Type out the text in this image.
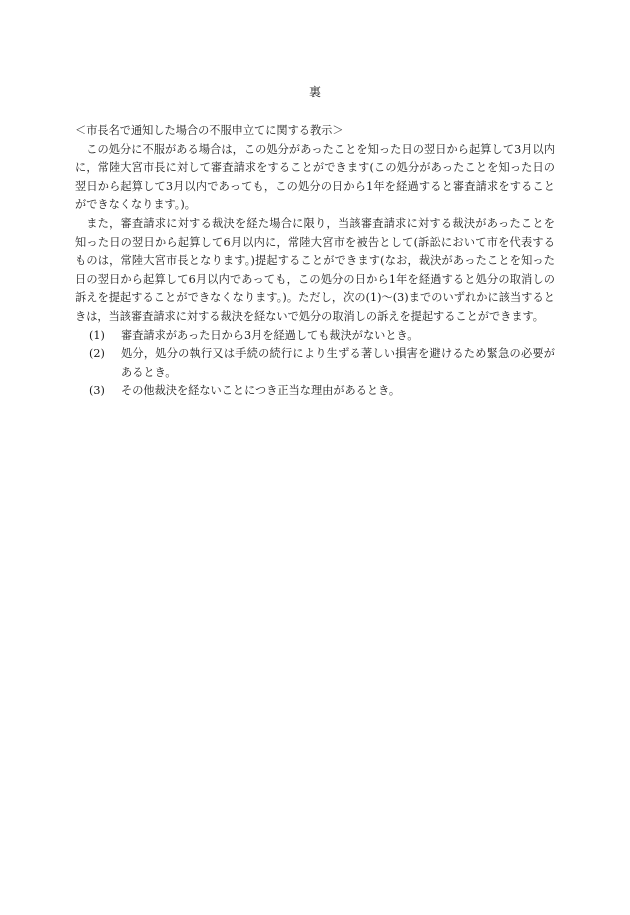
裏

＜市長名で通知した場合の不服申立てに関する教示＞

この処分に不服がある場合は，この処分があったことを知った日の翌日から起算して3月以内に，常陸大宮市長に対して審査請求をすることができます(この処分があったことを知った日の翌日から起算して3月以内であっても，この処分の日から1年を経過すると審査請求をすることができなくなります。)。

また，審査請求に対する裁決を経た場合に限り，当該審査請求に対する裁決があったことを知った日の翌日から起算して6月以内に，常陸大宮市を被告として(訴訟において市を代表するものは，常陸大宮市長となります。)提起することができます(なお，裁決があったことを知った日の翌日から起算して6月以内であっても，この処分の日から1年を経過すると処分の取消しの訴えを提起することができなくなります。)。ただし，次の(1)～(3)までのいずれかに該当するときは，当該審査請求に対する裁決を経ないで処分の取消しの訴えを提起することができます。

(1) 審査請求があった日から3月を経過しても裁決がないとき。
(2) 処分，処分の執行又は手続の続行により生ずる著しい損害を避けるため緊急の必要があるとき。
(3) その他裁決を経ないことにつき正当な理由があるとき。
